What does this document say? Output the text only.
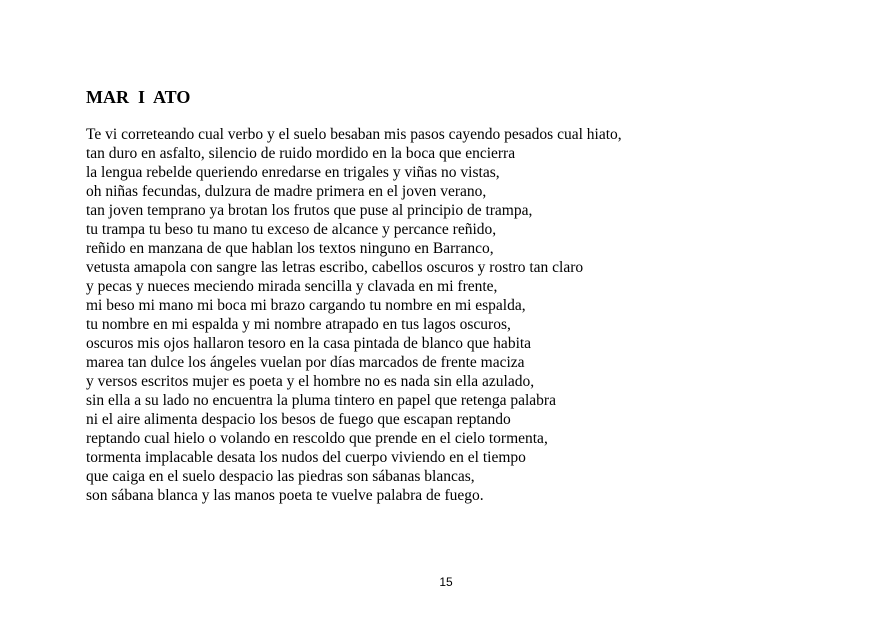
MAR  I  ATO
Te vi correteando cual verbo y el suelo besaban mis pasos cayendo pesados cual hiato,
tan duro en asfalto, silencio de ruido mordido en la boca que encierra
la lengua rebelde queriendo enredarse en trigales y viñas no vistas,
oh niñas fecundas, dulzura de madre primera en el joven verano,
tan joven temprano ya brotan los frutos que puse al principio de trampa,
tu trampa tu beso tu mano tu exceso de alcance y percance reñido,
reñido en manzana de que hablan los textos ninguno en Barranco,
vetusta amapola con sangre las letras escribo, cabellos oscuros y rostro tan claro
y pecas y nueces meciendo mirada sencilla y clavada en mi frente,
mi beso mi mano mi boca mi brazo cargando tu nombre en mi espalda,
tu nombre en mi espalda y mi nombre atrapado en tus lagos oscuros,
oscuros mis ojos hallaron tesoro en la casa pintada de blanco que habita
marea tan dulce los ángeles vuelan por días marcados de frente maciza
y versos escritos mujer es poeta y el hombre no es nada sin ella azulado,
sin ella a su lado no encuentra la pluma tintero en papel que retenga palabra
ni el aire alimenta despacio los besos de fuego que escapan reptando
reptando cual hielo o volando en rescoldo que prende en el cielo tormenta,
tormenta implacable desata los nudos del cuerpo viviendo en el tiempo
que caiga en el suelo despacio las piedras son sábanas blancas,
son sábana blanca y las manos poeta te vuelve palabra de fuego.
15
